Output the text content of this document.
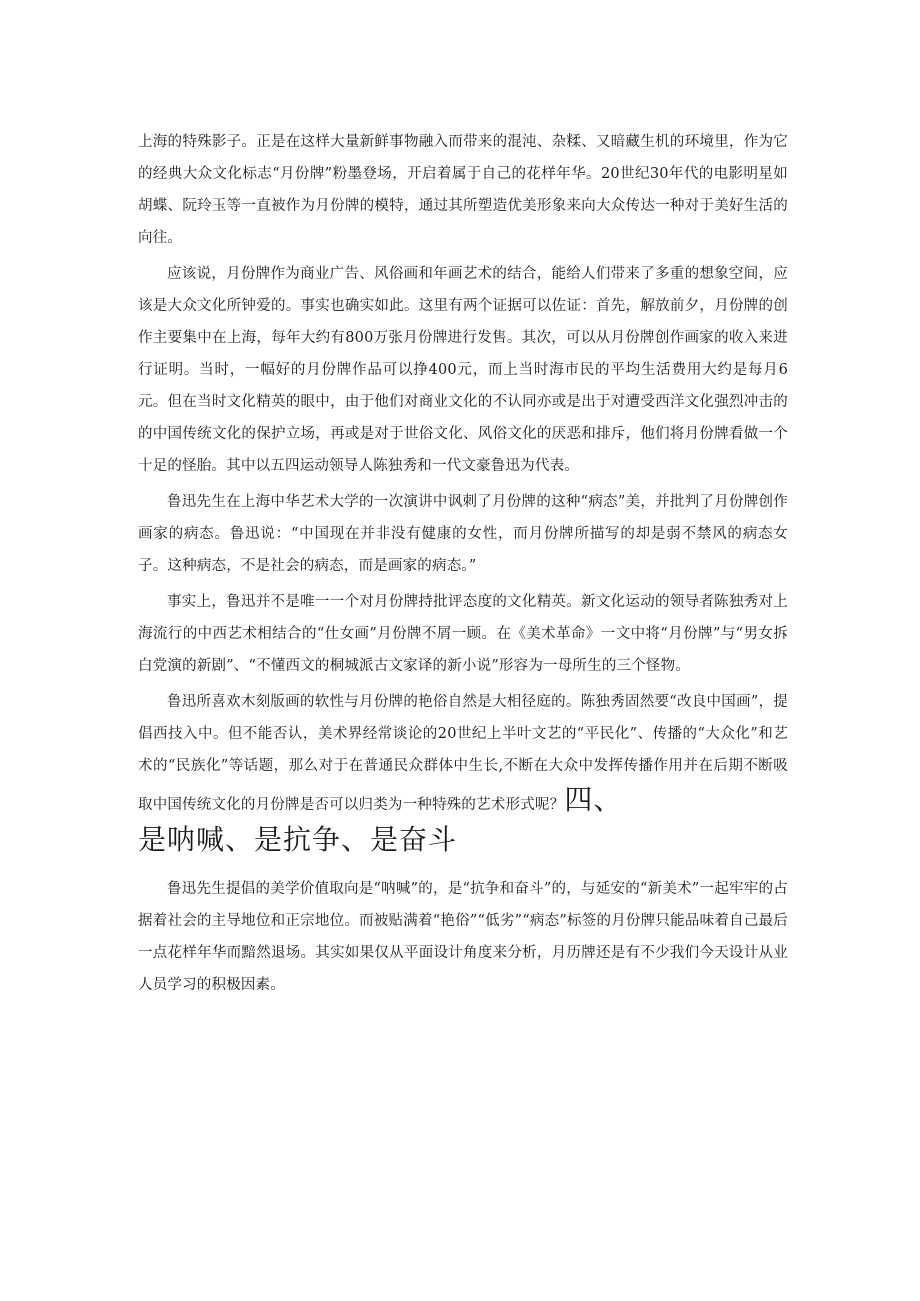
上海的特殊影子。正是在这样大量新鲜事物融入而带来的混沌、杂糅、又暗藏生机的环境里，作为它的经典大众文化标志“月份牌”粉墨登场，开启着属于自己的花样年华。20世纪30年代的电影明星如胡蝶、阮玲玉等一直被作为月份牌的模特，通过其所塑造优美形象来向大众传达一种对于美好生活的向往。

应该说，月份牌作为商业广告、风俗画和年画艺术的结合，能给人们带来了多重的想象空间，应该是大众文化所钟爱的。事实也确实如此。这里有两个证据可以佐证：首先，解放前夕，月份牌的创作主要集中在上海，每年大约有800万张月份牌进行发售。其次，可以从月份牌创作画家的收入来进行证明。当时，一幅好的月份牌作品可以挣400元，而上当时海市民的平均生活费用大约是每月6元。但在当时文化精英的眼中，由于他们对商业文化的不认同亦或是出于对遭受西洋文化强烈冲击的的中国传统文化的保护立场，再或是对于世俗文化、风俗文化的厌恶和排斥，他们将月份牌看做一个十足的怪胎。其中以五四运动领导人陈独秀和一代文豪鲁迅为代表。

鲁迅先生在上海中华艺术大学的一次演讲中讽刺了月份牌的这种“病态”美，并批判了月份牌创作画家的病态。鲁迅说：“中国现在并非没有健康的女性，而月份牌所描写的却是弱不禁风的病态女子。这种病态，不是社会的病态，而是画家的病态。”

事实上，鲁迅并不是唯一一个对月份牌持批评态度的文化精英。新文化运动的领导者陈独秀对上海流行的中西艺术相结合的“仕女画”月份牌不屑一顾。在《美术革命》一文中将“月份牌”与“男女拆白党演的新剧”、“不懂西文的桐城派古文家译的新小说”形容为一母所生的三个怪物。

鲁迅所喜欢木刻版画的软性与月份牌的艳俗自然是大相径庭的。陈独秀固然要“改良中国画”，提倡西技入中。但不能否认，美术界经常谈论的20世纪上半叶文艺的“平民化”、传播的“大众化”和艺术的“民族化”等话题，那么对于在普通民众群体中生长,不断在大众中发挥传播作用并在后期不断吸取中国传统文化的月份牌是否可以归类为一种特殊的艺术形式呢？四、

是呐喊、是抗争、是奋斗

鲁迅先生提倡的美学价值取向是“呐喊”的，是“抗争和奋斗”的，与延安的“新美术”一起牢牢的占据着社会的主导地位和正宗地位。而被贴满着“艳俗”“低劣”“病态”标签的月份牌只能品味着自己最后一点花样年华而黯然退场。其实如果仅从平面设计角度来分析，月历牌还是有不少我们今天设计从业人员学习的积极因素。
